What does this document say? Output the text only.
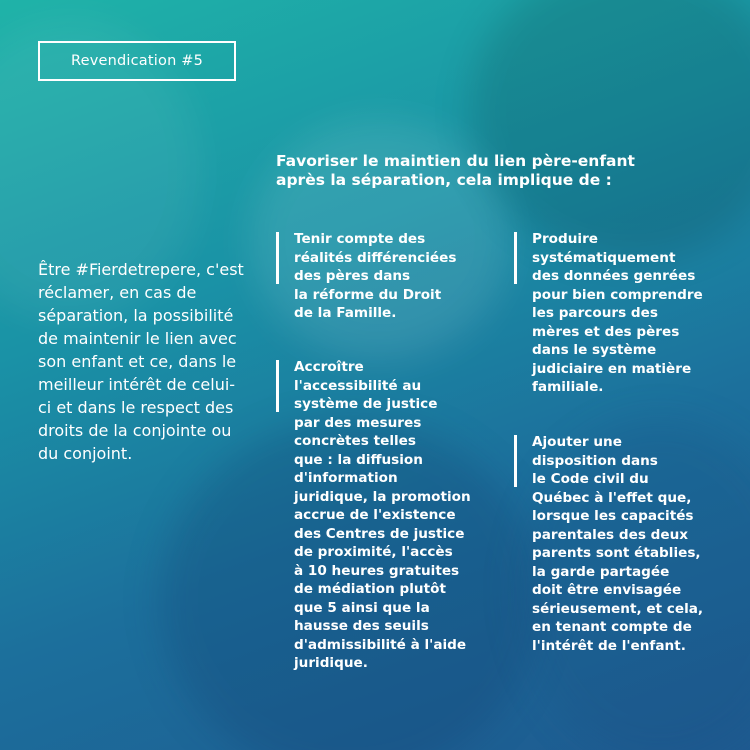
Revendication #5
Favoriser le maintien du lien père-enfant
après la séparation, cela implique de :
Être #Fierdetrepere, c'est réclamer, en cas de séparation, la possibilité de maintenir le lien avec son enfant et ce, dans le meilleur intérêt de celui-ci et dans le respect des droits de la conjointe ou du conjoint.
Tenir compte des
réalités différenciées
des pères dans
la réforme du Droit
de la Famille.
Accroître
l'accessibilité au
système de justice
par des mesures
concrètes telles
que : la diffusion
d'information
juridique, la promotion
accrue de l'existence
des Centres de justice
de proximité, l'accès
à 10 heures gratuites
de médiation plutôt
que 5 ainsi que la
hausse des seuils
d'admissibilité à l'aide
juridique.
Produire
systématiquement
des données genrées
pour bien comprendre
les parcours des
mères et des pères
dans le système
judiciaire en matière
familiale.
Ajouter une
disposition dans
le Code civil du
Québec à l'effet que,
lorsque les capacités
parentales des deux
parents sont établies,
la garde partagée
doit être envisagée
sérieusement, et cela,
en tenant compte de
l'intérêt de l'enfant.
